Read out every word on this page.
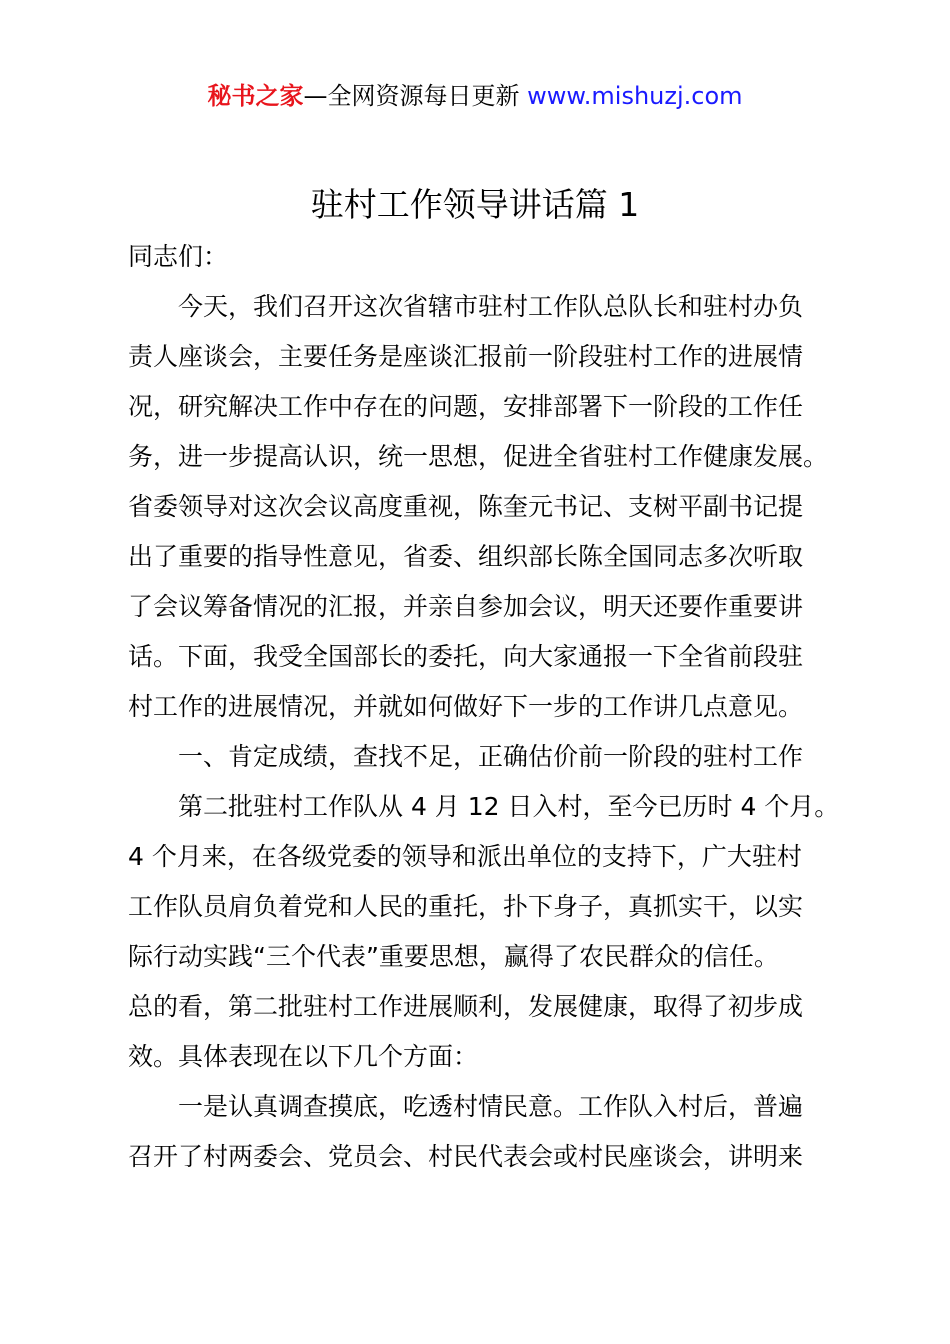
秘书之家—全网资源每日更新 www.mishuzj.com
驻村工作领导讲话篇 1
同志们：
今天，我们召开这次省辖市驻村工作队总队长和驻村办负
责人座谈会，主要任务是座谈汇报前一阶段驻村工作的进展情
况，研究解决工作中存在的问题，安排部署下一阶段的工作任
务，进一步提高认识，统一思想，促进全省驻村工作健康发展。
省委领导对这次会议高度重视，陈奎元书记、支树平副书记提
出了重要的指导性意见，省委、组织部长陈全国同志多次听取
了会议筹备情况的汇报，并亲自参加会议，明天还要作重要讲
话。下面，我受全国部长的委托，向大家通报一下全省前段驻
村工作的进展情况，并就如何做好下一步的工作讲几点意见。
一、肯定成绩，查找不足，正确估价前一阶段的驻村工作
第二批驻村工作队从 4 月 12 日入村，至今已历时 4 个月。
4 个月来，在各级党委的领导和派出单位的支持下，广大驻村
工作队员肩负着党和人民的重托，扑下身子，真抓实干，以实
际行动实践“三个代表”重要思想，赢得了农民群众的信任。
总的看，第二批驻村工作进展顺利，发展健康，取得了初步成
效。具体表现在以下几个方面：
一是认真调查摸底，吃透村情民意。工作队入村后，普遍
召开了村两委会、党员会、村民代表会或村民座谈会，讲明来
